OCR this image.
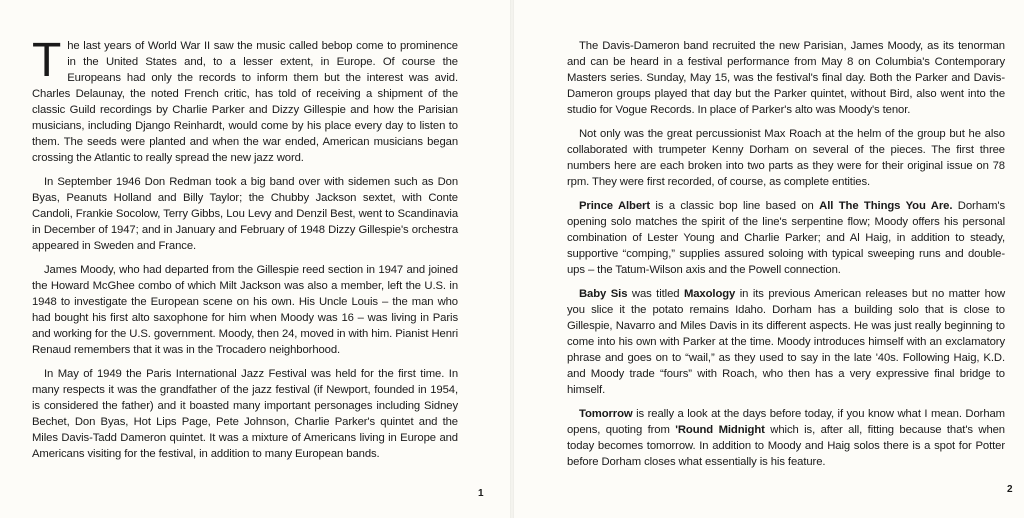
The last years of World War II saw the music called bebop come to prominence in the United States and, to a lesser extent, in Europe. Of course the Europeans had only the records to inform them but the interest was avid. Charles Delaunay, the noted French critic, has told of receiving a shipment of the classic Guild recordings by Charlie Parker and Dizzy Gillespie and how the Parisian musicians, including Django Reinhardt, would come by his place every day to listen to them. The seeds were planted and when the war ended, American musicians began crossing the Atlantic to really spread the new jazz word.

In September 1946 Don Redman took a big band over with sidemen such as Don Byas, Peanuts Holland and Billy Taylor; the Chubby Jackson sextet, with Conte Candoli, Frankie Socolow, Terry Gibbs, Lou Levy and Denzil Best, went to Scandinavia in December of 1947; and in January and February of 1948 Dizzy Gillespie's orchestra appeared in Sweden and France.

James Moody, who had departed from the Gillespie reed section in 1947 and joined the Howard McGhee combo of which Milt Jackson was also a member, left the U.S. in 1948 to investigate the European scene on his own. His Uncle Louis – the man who had bought his first alto saxophone for him when Moody was 16 – was living in Paris and working for the U.S. government. Moody, then 24, moved in with him. Pianist Henri Renaud remembers that it was in the Trocadero neighborhood.

In May of 1949 the Paris International Jazz Festival was held for the first time. In many respects it was the grandfather of the jazz festival (if Newport, founded in 1954, is considered the father) and it boasted many important personages including Sidney Bechet, Don Byas, Hot Lips Page, Pete Johnson, Charlie Parker's quintet and the Miles Davis-Tadd Dameron quintet. It was a mixture of Americans living in Europe and Americans visiting for the festival, in addition to many European bands.

1

The Davis-Dameron band recruited the new Parisian, James Moody, as its tenorman and can be heard in a festival performance from May 8 on Columbia's Contemporary Masters series. Sunday, May 15, was the festival's final day. Both the Parker and Davis-Dameron groups played that day but the Parker quintet, without Bird, also went into the studio for Vogue Records. In place of Parker's alto was Moody's tenor.

Not only was the great percussionist Max Roach at the helm of the group but he also collaborated with trumpeter Kenny Dorham on several of the pieces. The first three numbers here are each broken into two parts as they were for their original issue on 78 rpm. They were first recorded, of course, as complete entities.

Prince Albert is a classic bop line based on All The Things You Are. Dorham's opening solo matches the spirit of the line's serpentine flow; Moody offers his personal combination of Lester Young and Charlie Parker; and Al Haig, in addition to steady, supportive “comping,” supplies assured soloing with typical sweeping runs and double-ups – the Tatum-Wilson axis and the Powell connection.

Baby Sis was titled Maxology in its previous American releases but no matter how you slice it the potato remains Idaho. Dorham has a building solo that is close to Gillespie, Navarro and Miles Davis in its different aspects. He was just really beginning to come into his own with Parker at the time. Moody introduces himself with an exclamatory phrase and goes on to “wail,” as they used to say in the late '40s. Following Haig, K.D. and Moody trade “fours” with Roach, who then has a very expressive final bridge to himself.

Tomorrow is really a look at the days before today, if you know what I mean. Dorham opens, quoting from 'Round Midnight which is, after all, fitting because that's when today becomes tomorrow. In addition to Moody and Haig solos there is a spot for Potter before Dorham closes what essentially is his feature.

2
